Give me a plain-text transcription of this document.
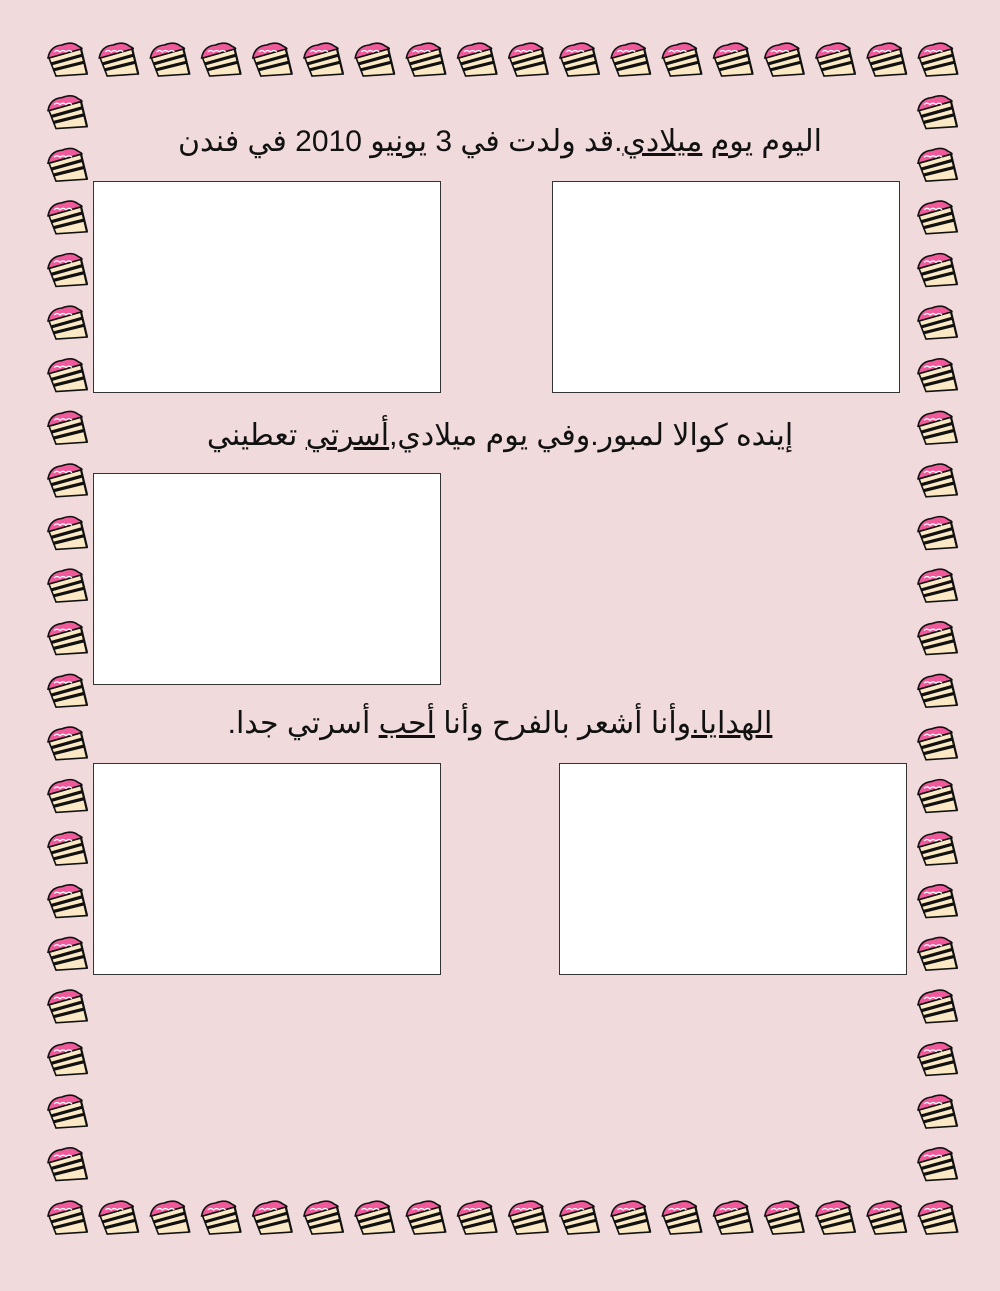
اليوم يوم ميلادي.قد ولدت في 3 يونيو 2010 في فندن
إينده كوالا لمبور.وفي يوم ميلادي,أسرتي تعطيني
الهدايا.وأنا أشعر بالفرح وأنا أحب أسرتي جدا.
